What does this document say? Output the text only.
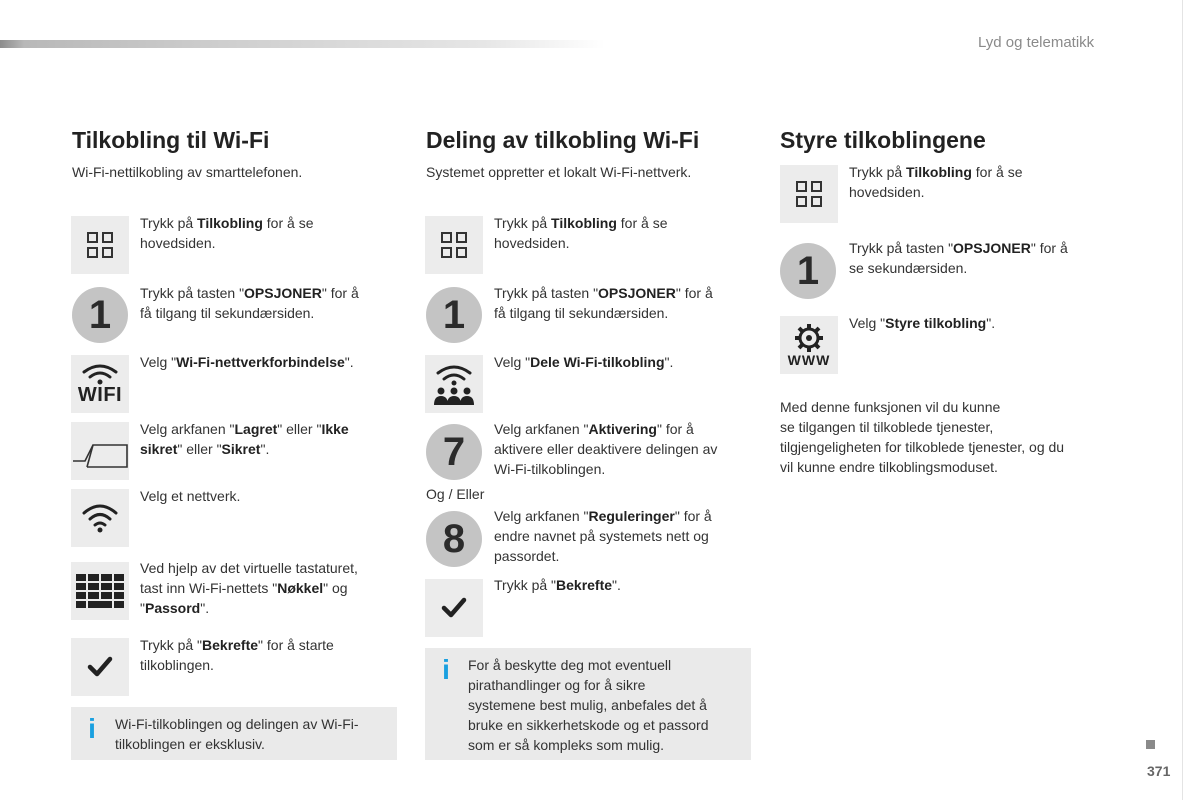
Lyd og telematikk
Tilkobling til Wi-Fi
Wi-Fi-nettilkobling av smarttelefonen.
Trykk på Tilkobling for å se
hovedsiden.
1	Trykk på tasten "OPSJONER" for å
få tilgang til sekundærsiden.
WIFI
Velg "Wi-Fi-nettverkforbindelse".
Velg arkfanen "Lagret" eller "Ikke
sikret" eller "Sikret".
Velg et nettverk.
Ved hjelp av det virtuelle tastaturet,
tast inn Wi-Fi-nettets "Nøkkel" og
"Passord".
Trykk på "Bekrefte" for å starte
tilkoblingen.
i	Wi-Fi-tilkoblingen og delingen av Wi-Fi-
tilkoblingen er eksklusiv.
Deling av tilkobling Wi-Fi
Systemet oppretter et lokalt Wi-Fi-nettverk.
Trykk på Tilkobling for å se
hovedsiden.
1	Trykk på tasten "OPSJONER" for å
få tilgang til sekundærsiden.
Velg "Dele Wi-Fi-tilkobling".
7
Velg arkfanen "Aktivering" for å
aktivere eller deaktivere delingen av
Wi-Fi-tilkoblingen.
Og / Eller
8
Velg arkfanen "Reguleringer" for å
endre navnet på systemets nett og
passordet.
Trykk på "Bekrefte".
i	For å beskytte deg mot eventuell
pirathandlinger og for å sikre
systemene best mulig, anbefales det å
bruke en sikkerhetskode og et passord
som er så kompleks som mulig.
Styre tilkoblingene
Trykk på Tilkobling for å se
hovedsiden.
1
Trykk på tasten "OPSJONER" for å
se sekundærsiden.
WWW
Velg "Styre tilkobling".
Med denne funksjonen vil du kunne
se tilgangen til tilkoblede tjenester,
tilgjengeligheten for tilkoblede tjenester, og du
vil kunne endre tilkoblingsmoduset.
371
